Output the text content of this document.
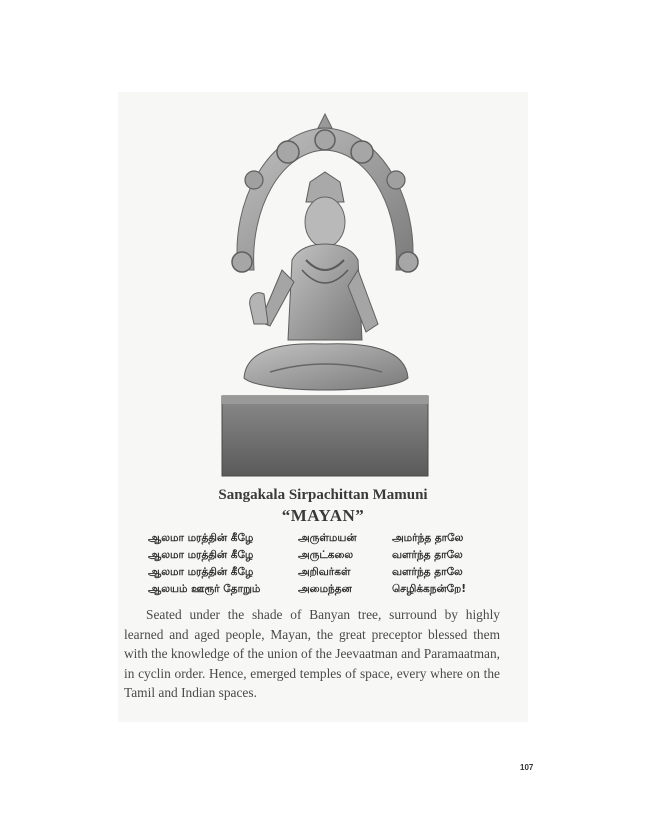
Sangakala Sirpachittan Mamuni
“MAYAN”
ஆலமா மரத்தின் கீழே	அருள்மயன்	அமர்ந்த தாலே
ஆலமா மரத்தின் கீழே	அருட்கலை	வளர்ந்த தாலே
ஆலமா மரத்தின் கீழே	அறிவர்கள்	வளர்ந்த தாலே
ஆலயம் ஊரூர் தோறும்	அமைந்தன	செழிக்கநன்றே!

Seated under the shade of Banyan tree, surround by highly learned and aged people, Mayan, the great preceptor blessed them with the knowledge of the union of the Jeevaatman and Paramaatman, in cyclin order. Hence, emerged temples of space, every where on the Tamil and Indian spaces.

107
